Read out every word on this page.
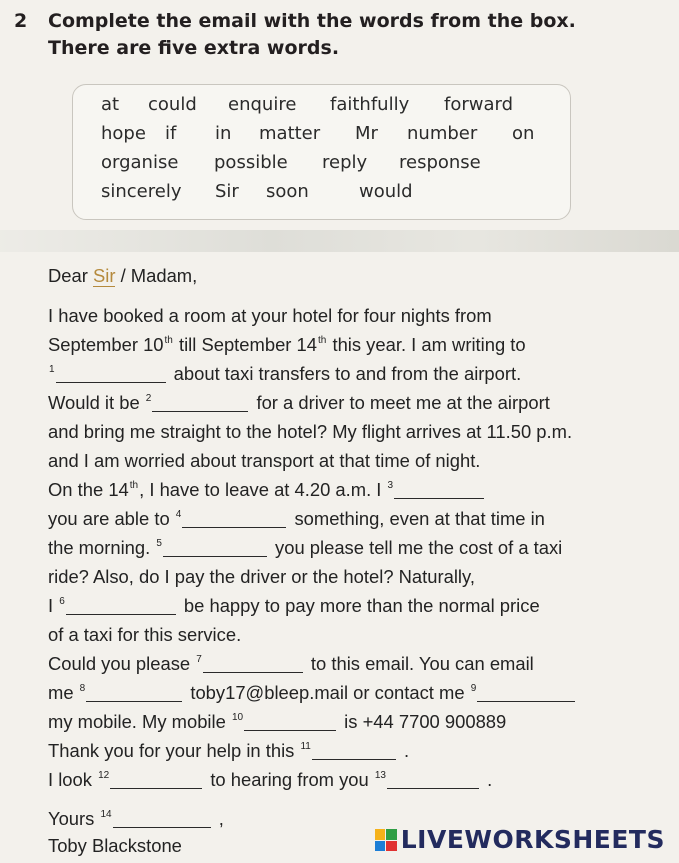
2 Complete the email with the words from the box.
There are five extra words.
at could enquire faithfully forward
hope if in matter Mr number on
organise possible reply response
sincerely Sir soon	would
Dear Sir / Madam,
I have booked a room at your hotel for four nights from
September 10th till September 14th this year. I am writing to
$^1$	about taxi transfers to and from the airport.
Would it be $^2$	for a driver to meet me at the airport
and bring me straight to the hotel? My flight arrives at 11.50 p.m.
and I am worried about transport at that time of night.
On the 14th, I have to leave at 4.20 a.m. I $^3$
you are able to $^4$	something, even at that time in
the morning. $^5$	you please tell me the cost of a taxi
ride? Also, do I pay the driver or the hotel? Naturally,
I $^6$	be happy to pay more than the normal price
of a taxi for this service.
Could you please $^7$	to this email. You can email
me $^8$	toby17@bleep.mail or contact me $^9$
my mobile. My mobile $^{10}$	is +44 7700 900889
Thank you for your help in this $^{11}$	.
I look $^{12}$	to hearing from you $^{13}$	.
Yours $^{14}$	,
Toby Blackstone	LIVEWORKSHEETS
